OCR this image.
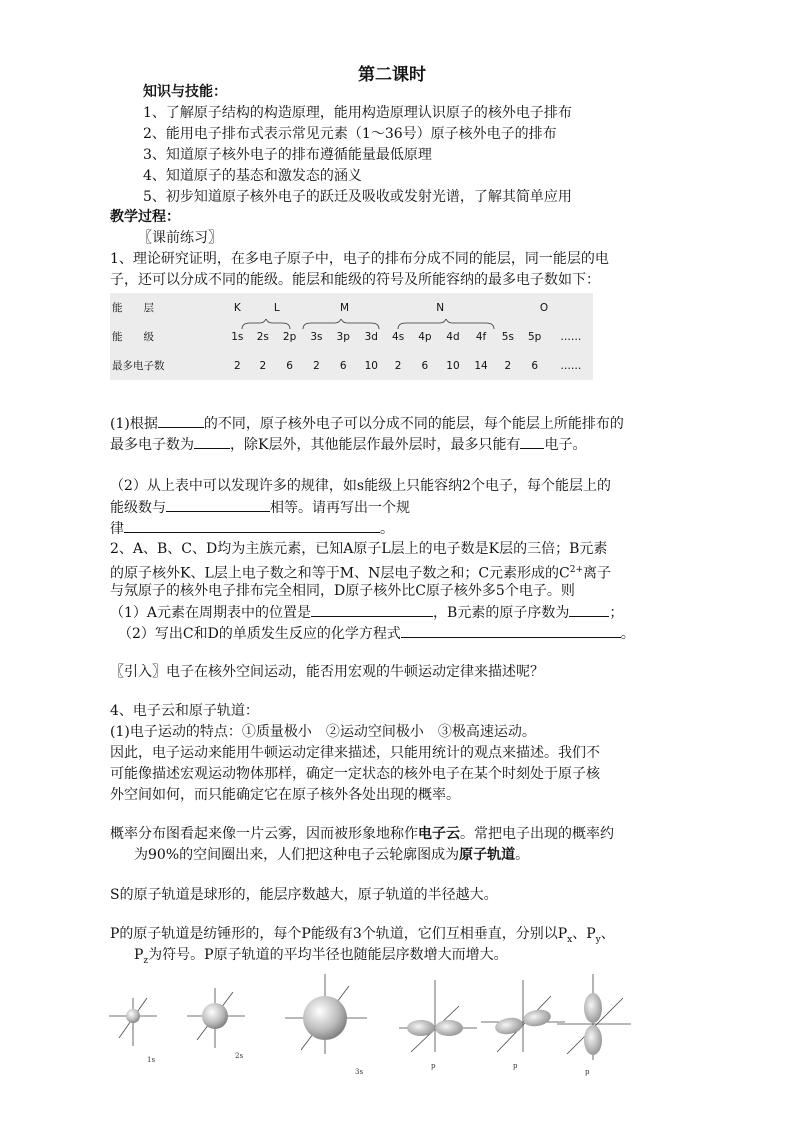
第二课时
知识与技能：
1、了解原子结构的构造原理，能用构造原理认识原子的核外电子排布
2、能用电子排布式表示常见元素（1～36号）原子核外电子的排布
3、知道原子核外电子的排布遵循能量最低原理
4、知道原子的基态和激发态的涵义
5、初步知道原子核外电子的跃迁及吸收或发射光谱，了解其简单应用
教学过程：
〖课前练习〗
1、理论研究证明，在多电子原子中，电子的排布分成不同的能层，同一能层的电
子，还可以分成不同的能级。能层和能级的符号及所能容纳的最多电子数如下：
能　　层	K	L		M			N				O		
能　　级	1s	2s	2p	3s	3p	3d	4s	4p	4d	4f	5s	5p	……
最多电子数	2	2	6	2	6	10	2	6	10	14	2	6	……
(1)根据	的不同，原子核外电子可以分成不同的能层，每个能层上所能排布的
最多电子数为	，除K层外，其他能层作最外层时，最多只能有 电子。
（2）从上表中可以发现许多的规律，如s能级上只能容纳2个电子，每个能层上的
能级数与	相等。请再写出一个规
律	。
2、A、B、C、D均为主族元素，已知A原子L层上的电子数是K层的三倍；B元素
的原子核外K、L层上电子数之和等于M、N层电子数之和；C元素形成的$C^{2+}$离子
与氖原子的核外电子排布完全相同，D原子核外比C原子核外多5个电子。则
（1）A元素在周期表中的位置是	，B元素的原子序数为	；
（2）写出C和D的单质发生反应的化学方程式	。
〖引入〗电子在核外空间运动，能否用宏观的牛顿运动定律来描述呢？
4、电子云和原子轨道：
(1)电子运动的特点：①质量极小　②运动空间极小　③极高速运动。
因此，电子运动来能用牛顿运动定律来描述，只能用统计的观点来描述。我们不
可能像描述宏观运动物体那样，确定一定状态的核外电子在某个时刻处于原子核
外空间如何，而只能确定它在原子核外各处出现的概率。
概率分布图看起来像一片云雾，因而被形象地称作电子云。常把电子出现的概率约
为90%的空间圈出来，人们把这种电子云轮廓图成为原子轨道。
S的原子轨道是球形的，能层序数越大，原子轨道的半径越大。
P的原子轨道是纺锤形的，每个P能级有3个轨道，它们互相垂直，分别以$P_x$、$P_y$、
$P_z$为符号。P原子轨道的平均半径也随能层序数增大而增大。
1s	2s
3s
p	p
p
